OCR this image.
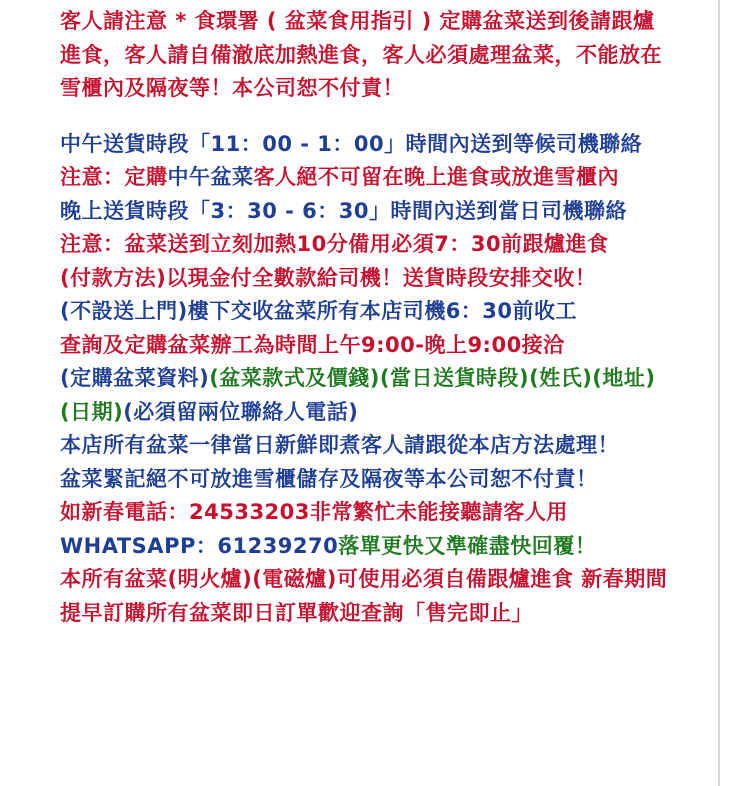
客人請注意 * 食環署 ( 盆菜食用指引 ) 定購盆菜送到後請跟爐進食，客人請自備澈底加熱進食，客人必須處理盆菜，不能放在雪櫃內及隔夜等！本公司恕不付責！

中午送貨時段「11：00 - 1：00」時間內送到等候司機聯絡

注意：定購中午盆菜客人絕不可留在晚上進食或放進雪櫃內

晚上送貨時段「3：30 - 6：30」時間內送到當日司機聯絡

注意：盆菜送到立刻加熱10分備用必須7：30前跟爐進食

(付款方法)以現金付全數款給司機！送貨時段安排交收！

(不設送上門)樓下交收盆菜所有本店司機6：30前收工

查詢及定購盆菜辦工為時間上午9:00-晚上9:00接洽

(定購盆菜資料)(盆菜款式及價錢)(當日送貨時段)(姓氏)(地址)(日期)(必須留兩位聯絡人電話)

本店所有盆菜一律當日新鮮即煮客人請跟從本店方法處理！

盆菜緊記絕不可放進雪櫃儲存及隔夜等本公司恕不付責！

如新春電話：24533203非常繁忙未能接聽請客人用

WHATSAPP：61239270落單更快又準確盡快回覆！

本所有盆菜(明火爐)(電磁爐)可使用必須自備跟爐進食 新春期間提早訂購所有盆菜即日訂單歡迎查詢「售完即止」
